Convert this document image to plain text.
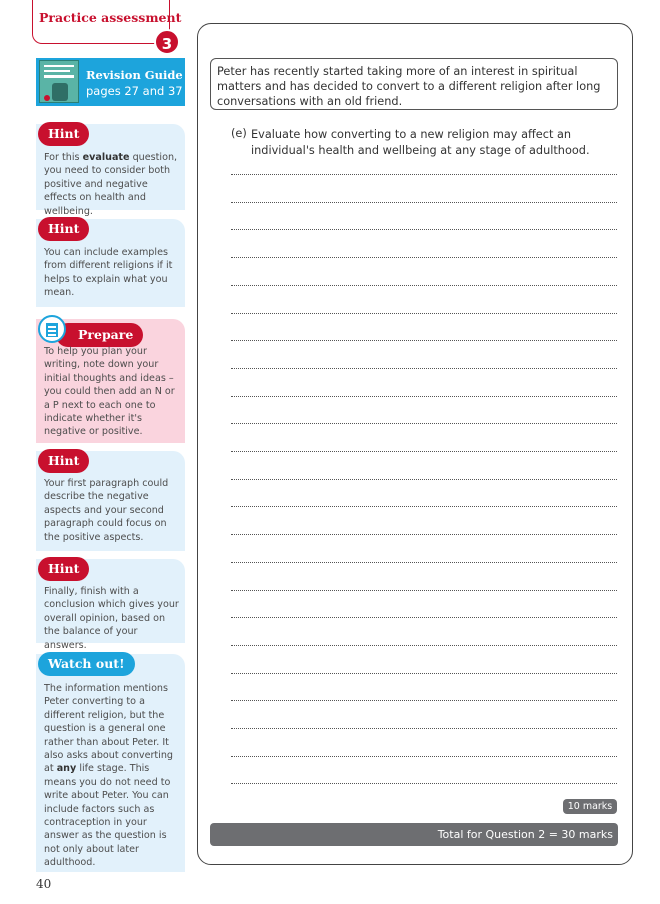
Practice assessment
3
Revision Guide
pages 27 and 37
Hint
For this evaluate question, you need to consider both positive and negative effects on health and wellbeing.
Hint
You can include examples from different religions if it helps to explain what you mean.
Prepare
To help you plan your writing, note down your initial thoughts and ideas – you could then add an N or a P next to each one to indicate whether it's negative or positive.
Hint
Your first paragraph could describe the negative aspects and your second paragraph could focus on the positive aspects.
Hint
Finally, finish with a conclusion which gives your overall opinion, based on the balance of your answers.
Watch out!
The information mentions Peter converting to a different religion, but the question is a general one rather than about Peter. It also asks about converting at any life stage. This means you do not need to write about Peter. You can include factors such as contraception in your answer as the question is not only about later adulthood.
40
Peter has recently started taking more of an interest in spiritual matters and has decided to convert to a different religion after long conversations with an old friend.
(e) Evaluate how converting to a new religion may affect an individual's health and wellbeing at any stage of adulthood.
10 marks
Total for Question 2 = 30 marks
